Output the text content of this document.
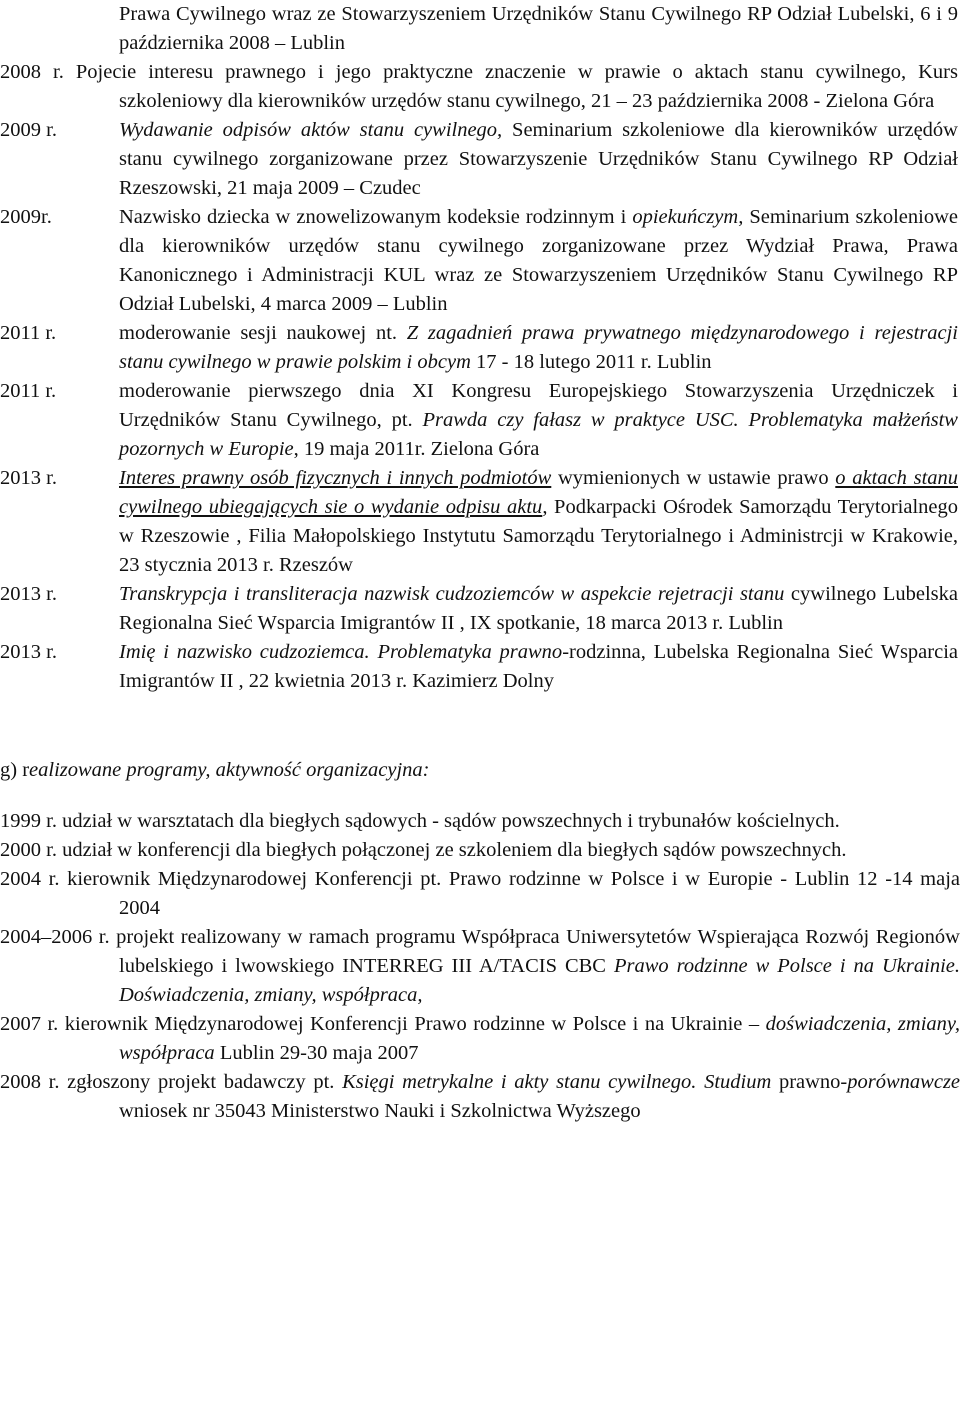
Prawa Cywilnego wraz ze Stowarzyszeniem Urzędników Stanu Cywilnego RP Odział Lubelski, 6 i 9 października 2008 – Lublin
2008 r. Pojecie interesu prawnego i jego praktyczne znaczenie w prawie o aktach stanu cywilnego, Kurs szkoleniowy dla kierowników urzędów stanu cywilnego, 21 – 23 października 2008 - Zielona Góra
2009 r.	Wydawanie odpisów aktów stanu cywilnego, Seminarium szkoleniowe dla kierowników urzędów stanu cywilnego zorganizowane przez Stowarzyszenie Urzędników Stanu Cywilnego RP Odział Rzeszowski, 21 maja 2009 – Czudec
2009r.	Nazwisko dziecka w znowelizowanym kodeksie rodzinnym i opiekuńczym, Seminarium szkoleniowe dla kierowników urzędów stanu cywilnego zorganizowane przez Wydział Prawa, Prawa Kanonicznego i Administracji KUL wraz ze Stowarzyszeniem Urzędników Stanu Cywilnego RP Odział Lubelski, 4 marca 2009 – Lublin
2011 r.	moderowanie sesji naukowej nt. Z zagadnień prawa prywatnego międzynarodowego i rejestracji stanu cywilnego w prawie polskim i obcym 17 - 18 lutego 2011 r. Lublin
2011 r.	moderowanie pierwszego dnia XI Kongresu Europejskiego Stowarzyszenia Urzędniczek i Urzędników Stanu Cywilnego, pt. Prawda czy fałasz w praktyce USC. Problematyka małżeństw pozornych w Europie, 19 maja 2011r. Zielona Góra
2013 r.	Interes prawny osób fizycznych i innych podmiotów wymienionych w ustawie prawo o aktach stanu cywilnego ubiegających sie o wydanie odpisu aktu, Podkarpacki Ośrodek Samorządu Terytorialnego w Rzeszowie , Filia Małopolskiego Instytutu Samorządu Terytorialnego i Administrcji w Krakowie, 23 stycznia 2013 r. Rzeszów
2013 r.	Transkrypcja i transliteracja nazwisk cudzoziemców w aspekcie rejetracji stanu cywilnego Lubelska Regionalna Sieć Wsparcia Imigrantów II , IX spotkanie, 18 marca 2013 r. Lublin
2013 r.	Imię i nazwisko cudzoziemca. Problematyka prawno-rodzinna, Lubelska Regionalna Sieć Wsparcia Imigrantów II , 22 kwietnia 2013 r. Kazimierz Dolny
g) realizowane programy, aktywność organizacyjna:
1999 r. udział w warsztatach dla biegłych sądowych - sądów powszechnych i trybunałów kościelnych.
2000 r. udział w konferencji dla biegłych połączonej ze szkoleniem dla biegłych sądów powszechnych.
2004 r. kierownik Międzynarodowej Konferencji pt. Prawo rodzinne w Polsce i w Europie - Lublin 12 -14 maja 2004
2004–2006 r. projekt realizowany w ramach programu Współpraca Uniwersytetów Wspierająca Rozwój Regionów lubelskiego i lwowskiego INTERREG III A/TACIS CBC Prawo rodzinne w Polsce i na Ukrainie. Doświadczenia, zmiany, współpraca,
2007 r. kierownik Międzynarodowej Konferencji Prawo rodzinne w Polsce i na Ukrainie – doświadczenia, zmiany, współpraca Lublin 29-30 maja 2007
2008 r. zgłoszony projekt badawczy pt. Księgi metrykalne i akty stanu cywilnego. Studium prawno-porównawcze wniosek nr 35043 Ministerstwo Nauki i Szkolnictwa Wyższego
